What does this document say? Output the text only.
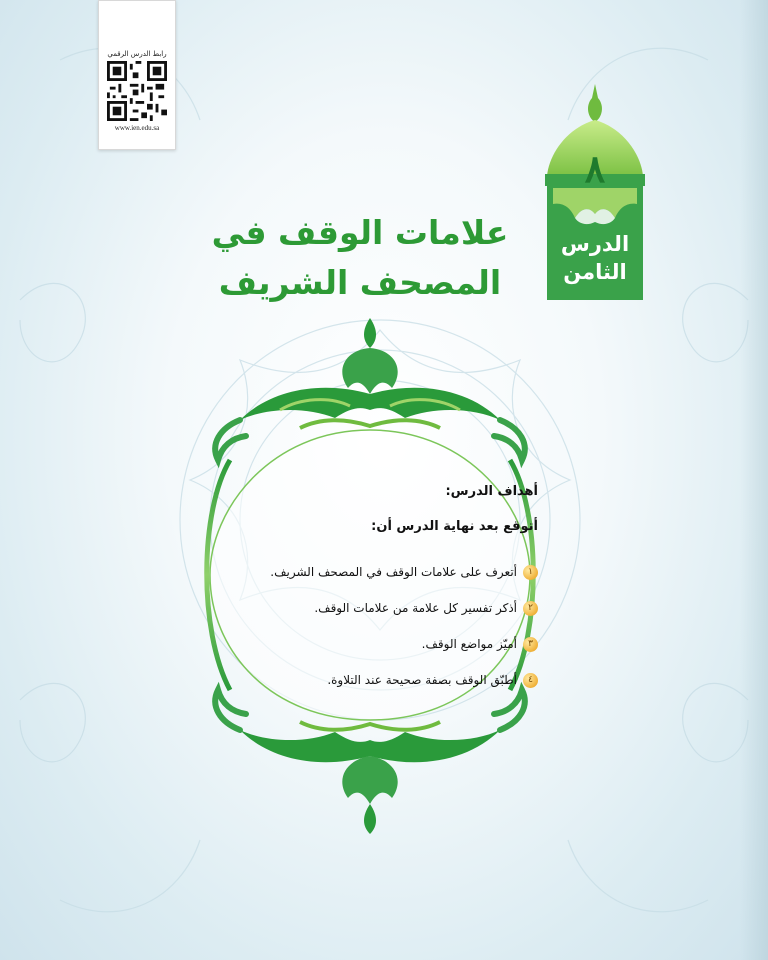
رابط الدرس الرقمي
www.ien.edu.sa
٨
الدرس
الثامن
علامات الوقف في
المصحف الشريف
أهداف الدرس:
أتوقع بعد نهاية الدرس أن:
١
أتعرف على علامات الوقف في المصحف الشريف.
٢
أذكر تفسير كل علامة من علامات الوقف.
٣
أميّز مواضع الوقف.
٤
أطبّق الوقف بصفة صحيحة عند التلاوة.
